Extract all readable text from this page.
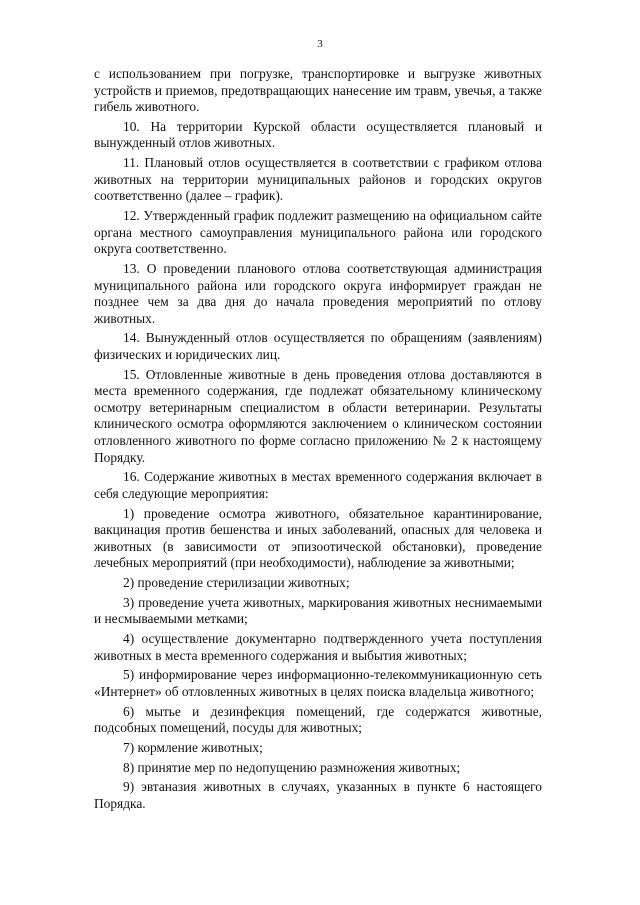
3

с использованием при погрузке, транспортировке и выгрузке животных устройств и приемов, предотвращающих нанесение им травм, увечья, а также гибель животного.

10. На территории Курской области осуществляется плановый и вынужденный отлов животных.

11. Плановый отлов осуществляется в соответствии с графиком отлова животных на территории муниципальных районов и городских округов соответственно (далее – график).

12. Утвержденный график подлежит размещению на официальном сайте органа местного самоуправления муниципального района или городского округа соответственно.

13. О проведении планового отлова соответствующая администрация муниципального района или городского округа информирует граждан не позднее чем за два дня до начала проведения мероприятий по отлову животных.

14. Вынужденный отлов осуществляется по обращениям (заявлениям) физических и юридических лиц.

15. Отловленные животные в день проведения отлова доставляются в места временного содержания, где подлежат обязательному клиническому осмотру ветеринарным специалистом в области ветеринарии. Результаты клинического осмотра оформляются заключением о клиническом состоянии отловленного животного по форме согласно приложению № 2 к настоящему Порядку.

16. Содержание животных в местах временного содержания включает в себя следующие мероприятия:

1) проведение осмотра животного, обязательное карантинирование, вакцинация против бешенства и иных заболеваний, опасных для человека и животных (в зависимости от эпизоотической обстановки), проведение лечебных мероприятий (при необходимости), наблюдение за животными;

2) проведение стерилизации животных;

3) проведение учета животных, маркирования животных неснимаемыми и несмываемыми метками;

4) осуществление документарно подтвержденного учета поступления животных в места временного содержания и выбытия животных;

5) информирование через информационно-телекоммуникационную сеть «Интернет» об отловленных животных в целях поиска владельца животного;

6) мытье и дезинфекция помещений, где содержатся животные, подсобных помещений, посуды для животных;

7) кормление животных;

8) принятие мер по недопущению размножения животных;

9) эвтаназия животных в случаях, указанных в пункте 6 настоящего Порядка.
